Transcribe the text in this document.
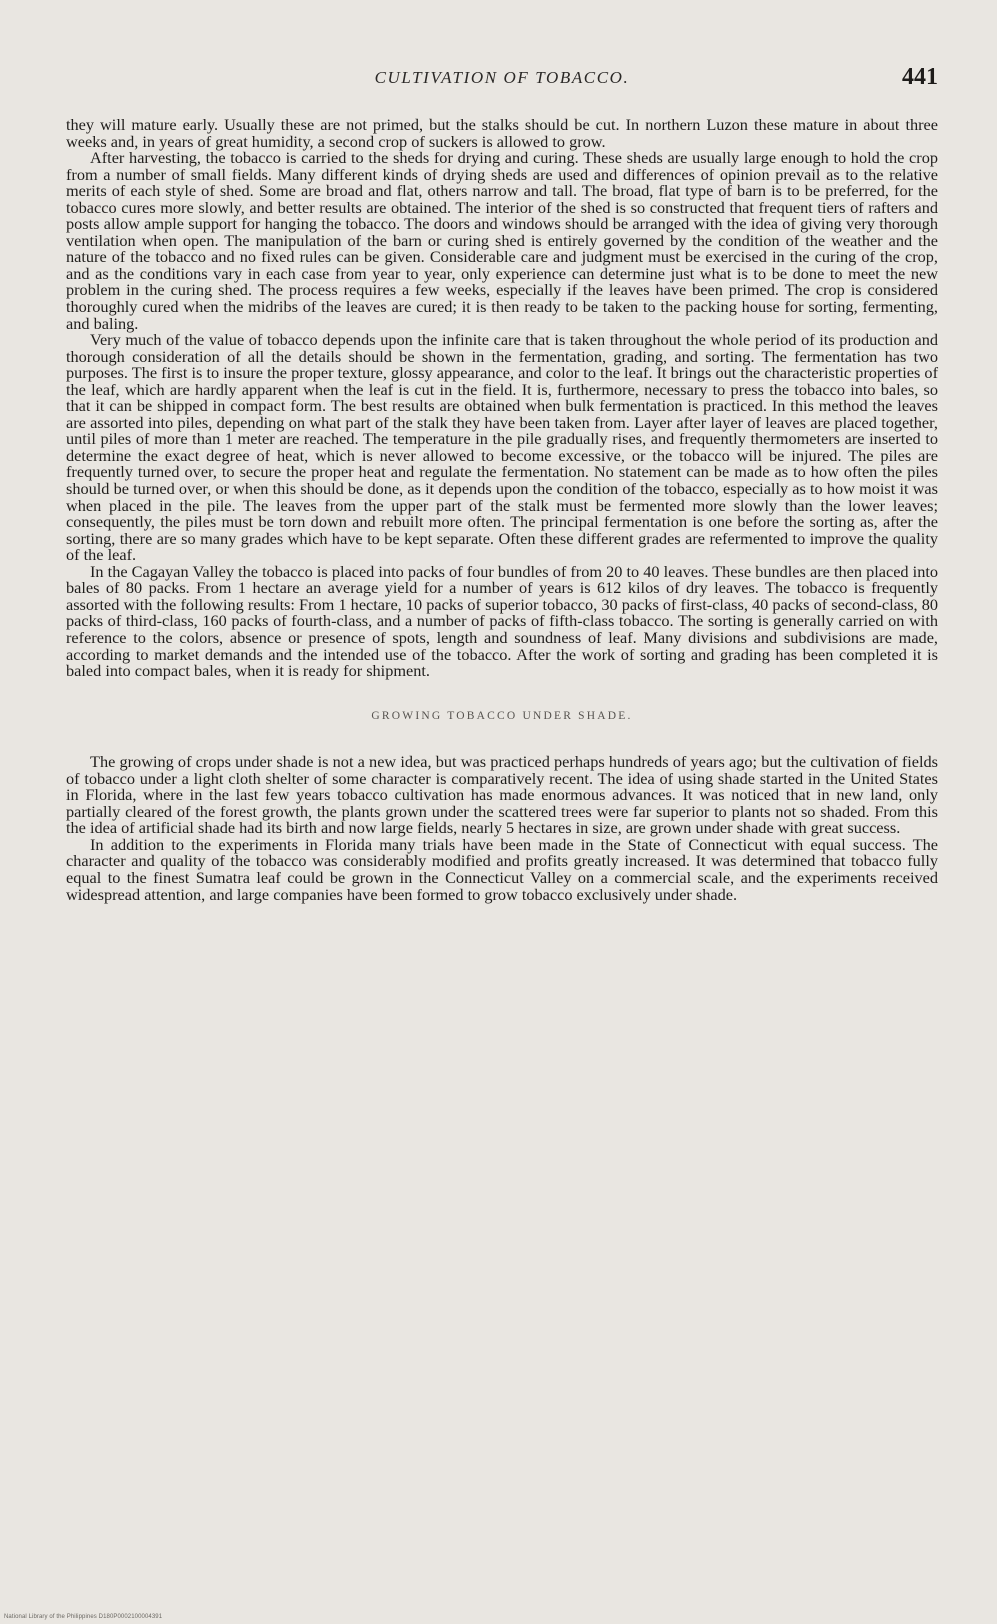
CULTIVATION OF TOBACCO.	441

they will mature early. Usually these are not primed, but the stalks should be cut. In northern Luzon these mature in about three weeks and, in years of great humidity, a second crop of suckers is allowed to grow.

After harvesting, the tobacco is carried to the sheds for drying and curing. These sheds are usually large enough to hold the crop from a number of small fields. Many different kinds of drying sheds are used and differences of opinion prevail as to the relative merits of each style of shed. Some are broad and flat, others narrow and tall. The broad, flat type of barn is to be preferred, for the tobacco cures more slowly, and better results are obtained. The interior of the shed is so constructed that frequent tiers of rafters and posts allow ample support for hanging the tobacco. The doors and windows should be arranged with the idea of giving very thorough ventilation when open. The manipulation of the barn or curing shed is entirely governed by the condition of the weather and the nature of the tobacco and no fixed rules can be given. Considerable care and judgment must be exercised in the curing of the crop, and as the conditions vary in each case from year to year, only experience can determine just what is to be done to meet the new problem in the curing shed. The process requires a few weeks, especially if the leaves have been primed. The crop is considered thoroughly cured when the midribs of the leaves are cured; it is then ready to be taken to the packing house for sorting, fermenting, and baling.

Very much of the value of tobacco depends upon the infinite care that is taken throughout the whole period of its production and thorough consideration of all the details should be shown in the fermentation, grading, and sorting. The fermentation has two purposes. The first is to insure the proper texture, glossy appearance, and color to the leaf. It brings out the characteristic properties of the leaf, which are hardly apparent when the leaf is cut in the field. It is, furthermore, necessary to press the tobacco into bales, so that it can be shipped in compact form. The best results are obtained when bulk fermentation is practiced. In this method the leaves are assorted into piles, depending on what part of the stalk they have been taken from. Layer after layer of leaves are placed together, until piles of more than 1 meter are reached. The temperature in the pile gradually rises, and frequently thermometers are inserted to determine the exact degree of heat, which is never allowed to become excessive, or the tobacco will be injured. The piles are frequently turned over, to secure the proper heat and regulate the fermentation. No statement can be made as to how often the piles should be turned over, or when this should be done, as it depends upon the condition of the tobacco, especially as to how moist it was when placed in the pile. The leaves from the upper part of the stalk must be fermented more slowly than the lower leaves; consequently, the piles must be torn down and rebuilt more often. The principal fermentation is one before the sorting as, after the sorting, there are so many grades which have to be kept separate. Often these different grades are refermented to improve the quality of the leaf.

In the Cagayan Valley the tobacco is placed into packs of four bundles of from 20 to 40 leaves. These bundles are then placed into bales of 80 packs. From 1 hectare an average yield for a number of years is 612 kilos of dry leaves. The tobacco is frequently assorted with the following results: From 1 hectare, 10 packs of superior tobacco, 30 packs of first-class, 40 packs of second-class, 80 packs of third-class, 160 packs of fourth-class, and a number of packs of fifth-class tobacco. The sorting is generally carried on with reference to the colors, absence or presence of spots, length and soundness of leaf. Many divisions and subdivisions are made, according to market demands and the intended use of the tobacco. After the work of sorting and grading has been completed it is baled into compact bales, when it is ready for shipment.

GROWING TOBACCO UNDER SHADE.

The growing of crops under shade is not a new idea, but was practiced perhaps hundreds of years ago; but the cultivation of fields of tobacco under a light cloth shelter of some character is comparatively recent. The idea of using shade started in the United States in Florida, where in the last few years tobacco cultivation has made enormous advances. It was noticed that in new land, only partially cleared of the forest growth, the plants grown under the scattered trees were far superior to plants not so shaded. From this the idea of artificial shade had its birth and now large fields, nearly 5 hectares in size, are grown under shade with great success.

In addition to the experiments in Florida many trials have been made in the State of Connecticut with equal success. The character and quality of the tobacco was considerably modified and profits greatly increased. It was determined that tobacco fully equal to the finest Sumatra leaf could be grown in the Connecticut Valley on a commercial scale, and the experiments received widespread attention, and large companies have been formed to grow tobacco exclusively under shade.

National Library of the Philippines D180P0002100004391
